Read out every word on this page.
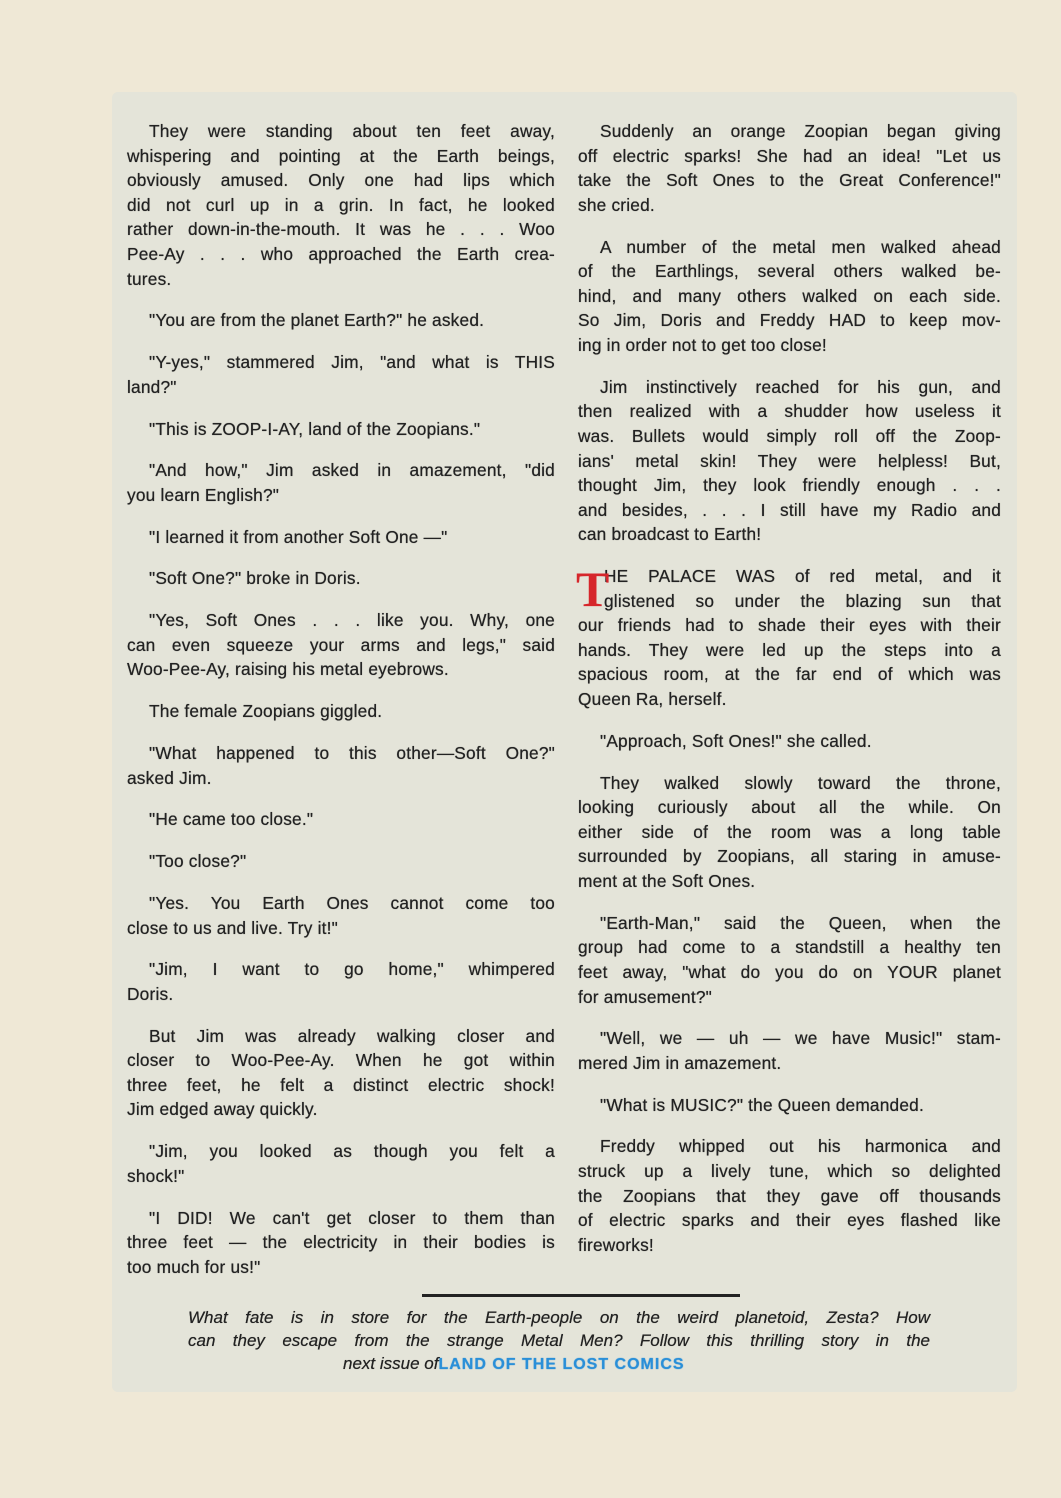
They were standing about ten feet away,
whispering and pointing at the Earth beings,
obviously amused. Only one had lips which
did not curl up in a grin. In fact, he looked
rather down-in-the-mouth. It was he . . . Woo
Pee-Ay . . . who approached the Earth crea-
tures.
"You are from the planet Earth?" he asked.
"Y-yes," stammered Jim, "and what is THIS
land?"
"This is ZOOP-I-AY, land of the Zoopians."
"And how," Jim asked in amazement, "did
you learn English?"
"I learned it from another Soft One —"
"Soft One?" broke in Doris.
"Yes, Soft Ones . . . like you. Why, one
can even squeeze your arms and legs," said
Woo-Pee-Ay, raising his metal eyebrows.
The female Zoopians giggled.
"What happened to this other—Soft One?"
asked Jim.
"He came too close."
"Too close?"
"Yes. You Earth Ones cannot come too
close to us and live. Try it!"
"Jim, I want to go home," whimpered
Doris.
But Jim was already walking closer and
closer to Woo-Pee-Ay. When he got within
three feet, he felt a distinct electric shock!
Jim edged away quickly.
"Jim, you looked as though you felt a
shock!"
"I DID! We can't get closer to them than
three feet — the electricity in their bodies is
too much for us!"
Suddenly an orange Zoopian began giving
off electric sparks! She had an idea! "Let us
take the Soft Ones to the Great Conference!"
she cried.
A number of the metal men walked ahead
of the Earthlings, several others walked be-
hind, and many others walked on each side.
So Jim, Doris and Freddy HAD to keep mov-
ing in order not to get too close!
Jim instinctively reached for his gun, and
then realized with a shudder how useless it
was. Bullets would simply roll off the Zoop-
ians' metal skin! They were helpless! But,
thought Jim, they look friendly enough . . .
and besides, . . . I still have my Radio and
can broadcast to Earth!
T
HE PALACE WAS of red metal, and it
glistened so under the blazing sun that
our friends had to shade their eyes with their
hands. They were led up the steps into a
spacious room, at the far end of which was
Queen Ra, herself.
"Approach, Soft Ones!" she called.
They walked slowly toward the throne,
looking curiously about all the while. On
either side of the room was a long table
surrounded by Zoopians, all staring in amuse-
ment at the Soft Ones.
"Earth-Man," said the Queen, when the
group had come to a standstill a healthy ten
feet away, "what do you do on YOUR planet
for amusement?"
"Well, we — uh — we have Music!" stam-
mered Jim in amazement.
"What is MUSIC?" the Queen demanded.
Freddy whipped out his harmonica and
struck up a lively tune, which so delighted
the Zoopians that they gave off thousands
of electric sparks and their eyes flashed like
fireworks!
What fate is in store for the Earth-people on the weird planetoid, Zesta? How
can they escape from the strange Metal Men? Follow this thrilling story in the
next issue ofLAND OF THE LOST COMICS
